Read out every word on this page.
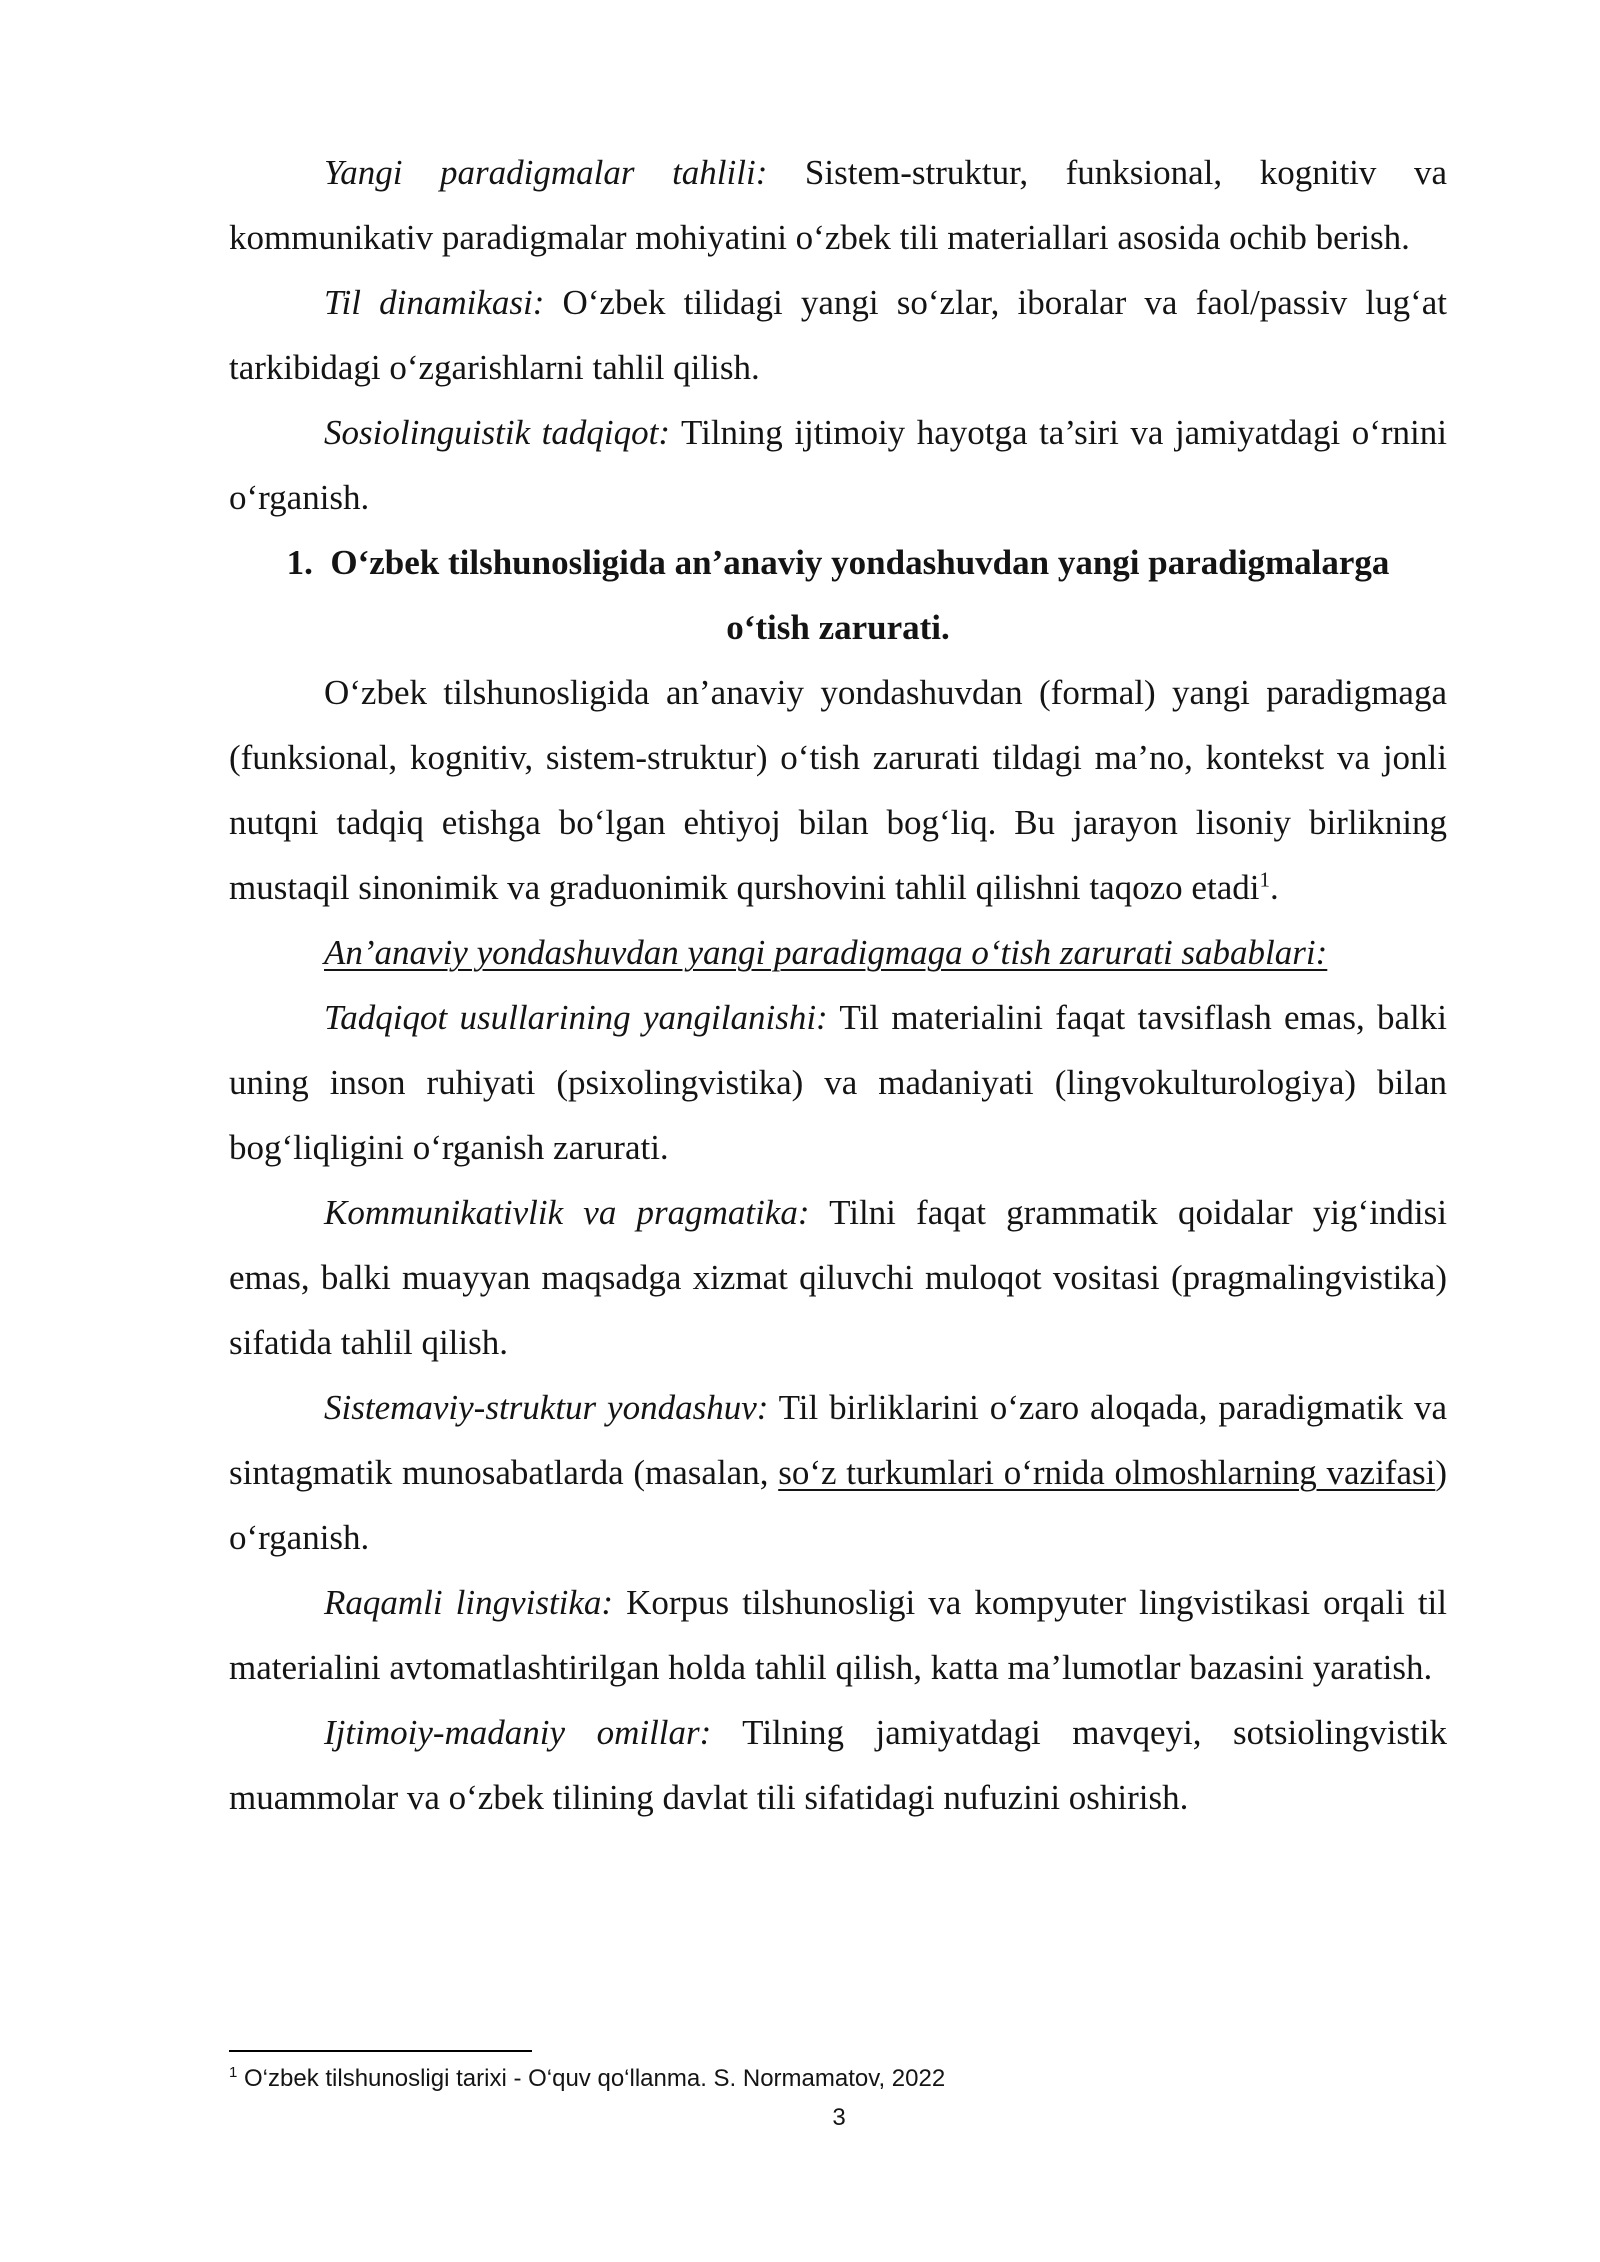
Yangi paradigmalar tahlili: Sistem-struktur, funksional, kognitiv va kommunikativ paradigmalar mohiyatini o‘zbek tili materiallari asosida ochib berish.

Til dinamikasi: O‘zbek tilidagi yangi so‘zlar, iboralar va faol/passiv lug‘at tarkibidagi o‘zgarishlarni tahlil qilish.

Sosiolinguistik tadqiqot: Tilning ijtimoiy hayotga ta’siri va jamiyatdagi o‘rnini o‘rganish.

1. O‘zbek tilshunosligida an’anaviy yondashuvdan yangi paradigmalarga
o‘tish zarurati.

O‘zbek tilshunosligida an’anaviy yondashuvdan (formal) yangi paradigmaga (funksional, kognitiv, sistem-struktur) o‘tish zarurati tildagi ma’no, kontekst va jonli nutqni tadqiq etishga bo‘lgan ehtiyoj bilan bog‘liq. Bu jarayon lisoniy birlikning mustaqil sinonimik va graduonimik qurshovini tahlil qilishni taqozo etadi$^1$.

An’anaviy yondashuvdan yangi paradigmaga o‘tish zarurati sabablari:

Tadqiqot usullarining yangilanishi: Til materialini faqat tavsiflash emas, balki uning inson ruhiyati (psixolingvistika) va madaniyati (lingvokulturologiya) bilan bog‘liqligini o‘rganish zarurati.

Kommunikativlik va pragmatika: Tilni faqat grammatik qoidalar yig‘indisi emas, balki muayyan maqsadga xizmat qiluvchi muloqot vositasi (pragmalingvistika) sifatida tahlil qilish.

Sistemaviy-struktur yondashuv: Til birliklarini o‘zaro aloqada, paradigmatik va sintagmatik munosabatlarda (masalan, so‘z turkumlari o‘rnida olmoshlarning vazifasi) o‘rganish.

Raqamli lingvistika: Korpus tilshunosligi va kompyuter lingvistikasi orqali til materialini avtomatlashtirilgan holda tahlil qilish, katta ma’lumotlar bazasini yaratish.

Ijtimoiy-madaniy omillar: Tilning jamiyatdagi mavqeyi, sotsiolingvistik muammolar va o‘zbek tilining davlat tili sifatidagi nufuzini oshirish.

$^1$ O‘zbek tilshunosligi tarixi - O‘quv qo‘llanma. S. Normamatov, 2022
3
